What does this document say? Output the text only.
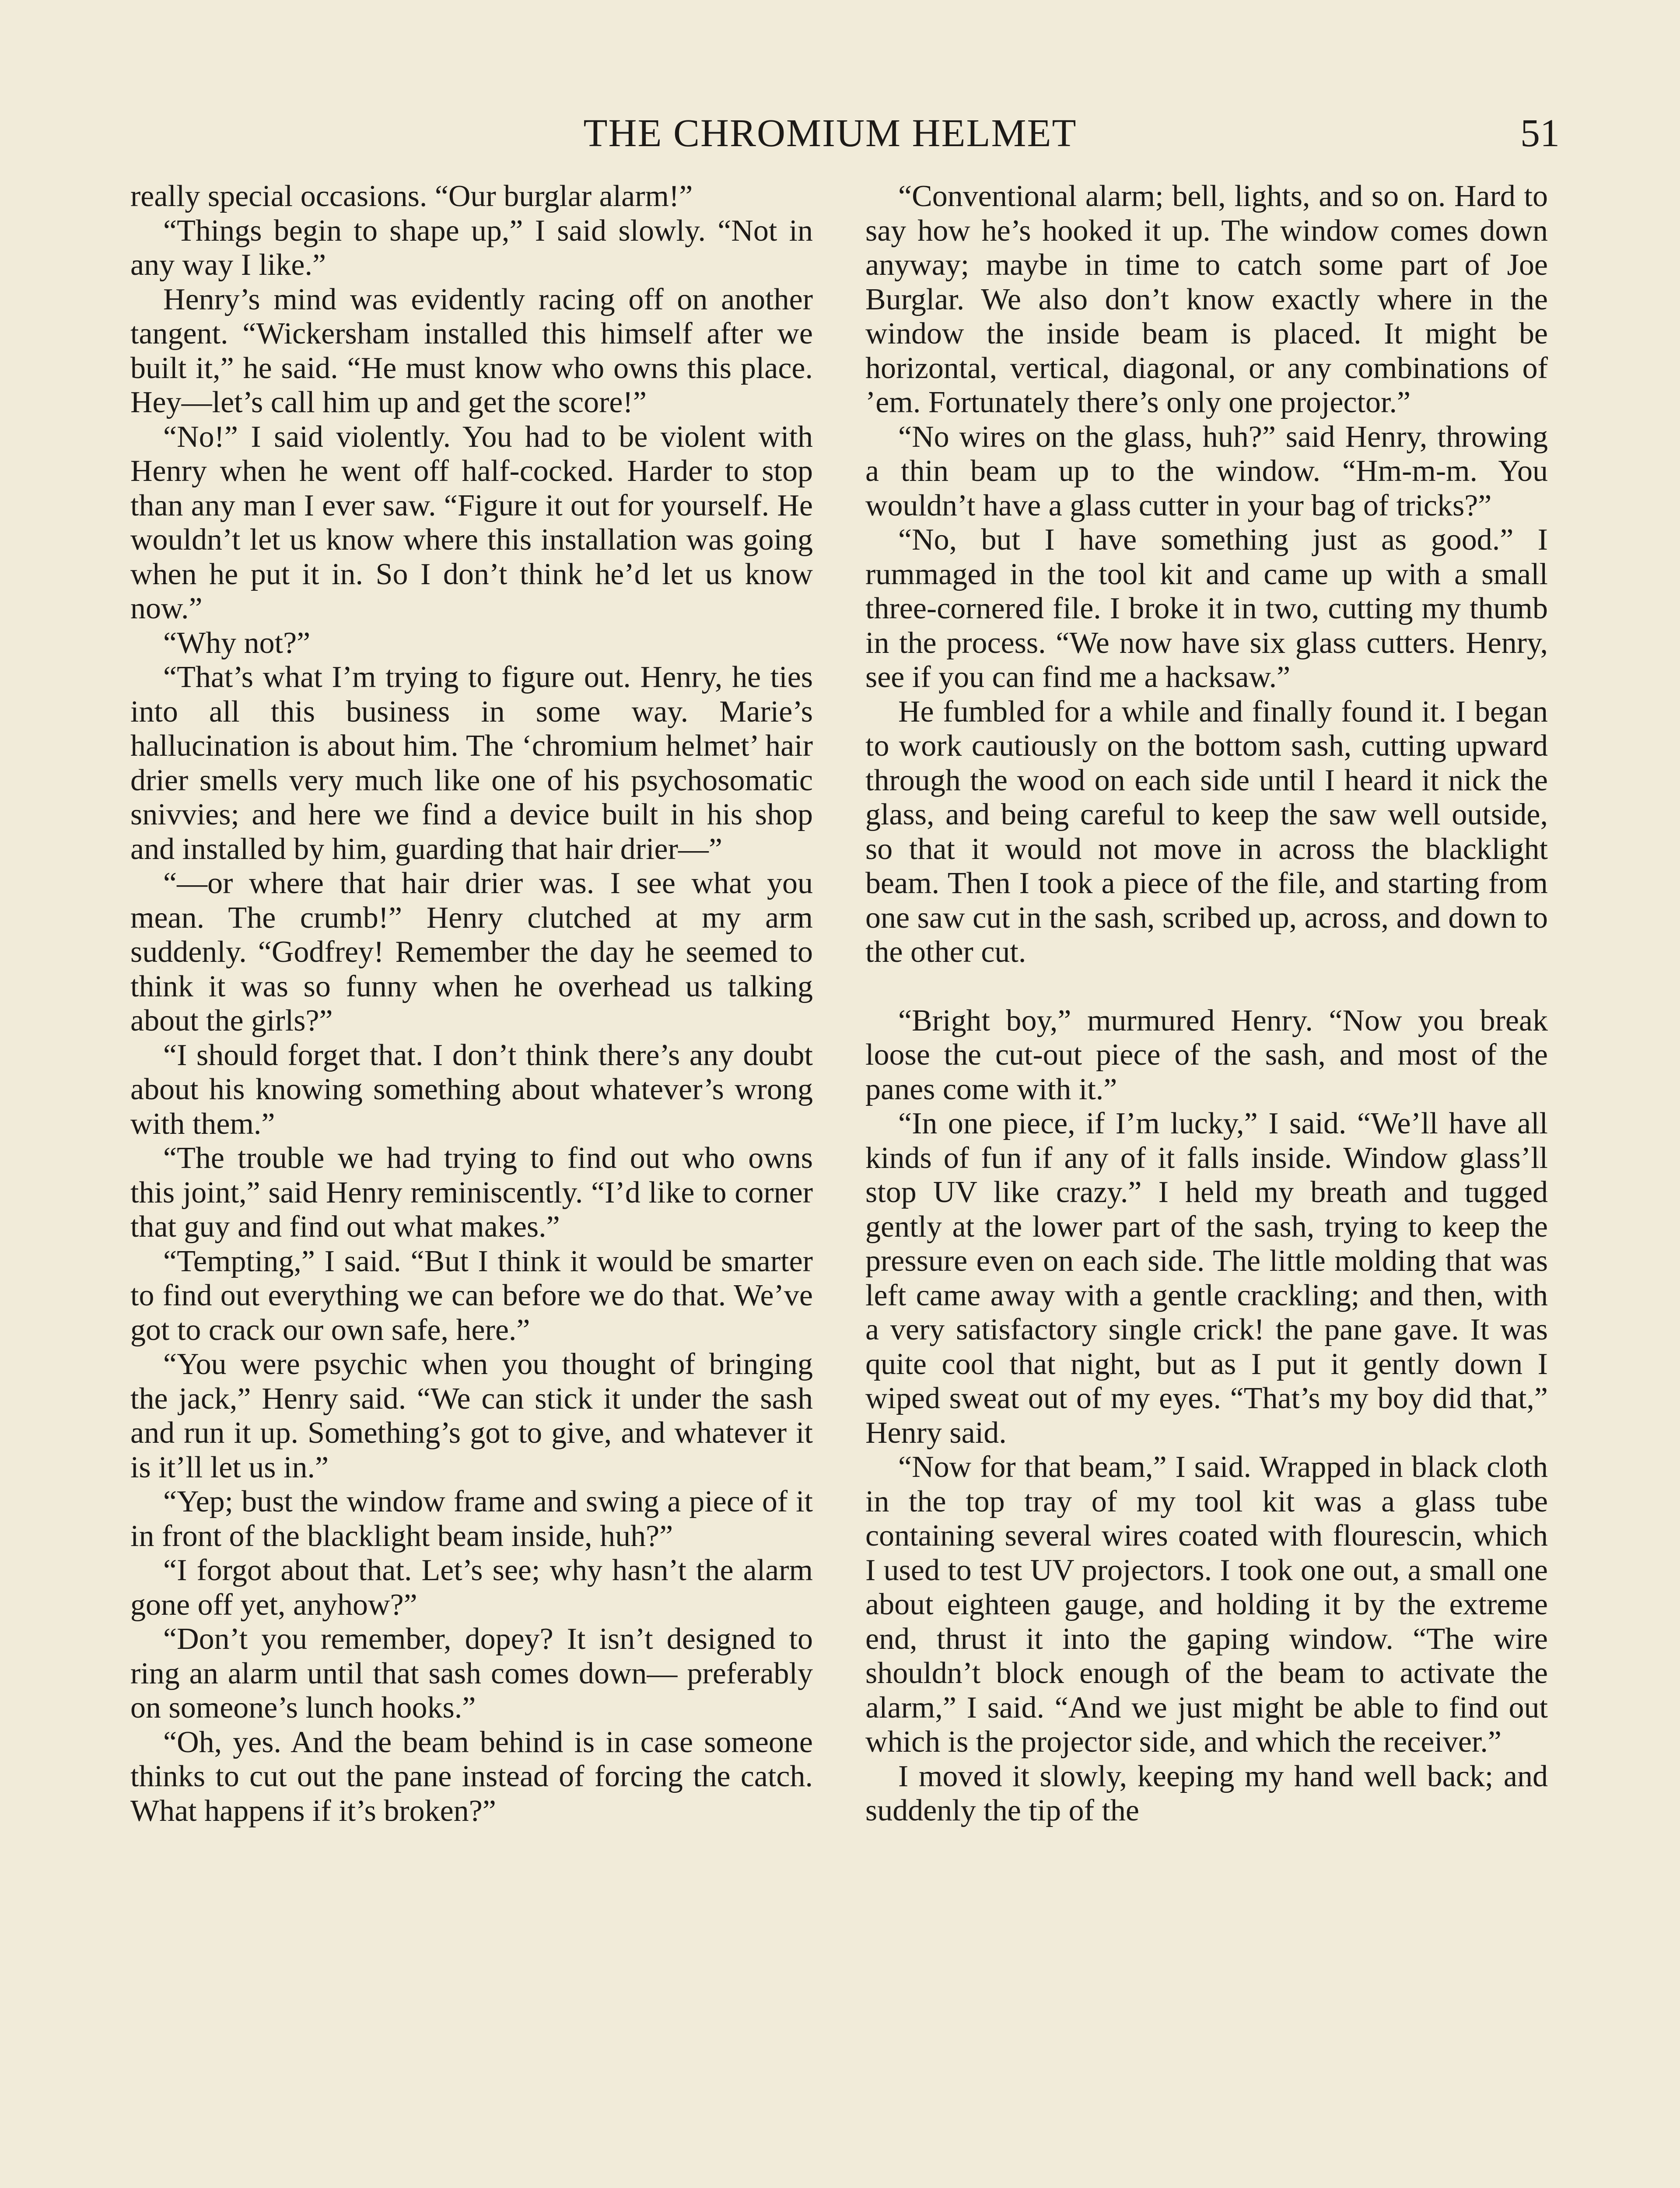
THE CHROMIUM HELMET	51

really special occasions. “Our burglar alarm!”

“Things begin to shape up,” I said slowly. “Not in any way I like.”

Henry’s mind was evidently racing off on another tangent. “Wickersham installed this himself after we built it,” he said. “He must know who owns this place. Hey—let’s call him up and get the score!”

“No!” I said violently. You had to be violent with Henry when he went off half-cocked. Harder to stop than any man I ever saw. “Figure it out for yourself. He wouldn’t let us know where this installation was going when he put it in. So I don’t think he’d let us know now.”

“Why not?”

“That’s what I’m trying to figure out. Henry, he ties into all this business in some way. Marie’s hallucination is about him. The ‘chromium helmet’ hair drier smells very much like one of his psychosomatic snivvies; and here we find a device built in his shop and installed by him, guarding that hair drier—”

“—or where that hair drier was. I see what you mean. The crumb!” Henry clutched at my arm suddenly. “Godfrey! Remember the day he seemed to think it was so funny when he overhead us talking about the girls?”

“I should forget that. I don’t think there’s any doubt about his knowing something about whatever’s wrong with them.”

“The trouble we had trying to find out who owns this joint,” said Henry reminiscently. “I’d like to corner that guy and find out what makes.”

“Tempting,” I said. “But I think it would be smarter to find out everything we can before we do that. We’ve got to crack our own safe, here.”

“You were psychic when you thought of bringing the jack,” Henry said. “We can stick it under the sash and run it up. Something’s got to give, and whatever it is it’ll let us in.”

“Yep; bust the window frame and swing a piece of it in front of the blacklight beam inside, huh?”

“I forgot about that. Let’s see; why hasn’t the alarm gone off yet, anyhow?”

“Don’t you remember, dopey? It isn’t designed to ring an alarm until that sash comes down— preferably on someone’s lunch hooks.”

“Oh, yes. And the beam behind is in case someone thinks to cut out the pane instead of forcing the catch. What happens if it’s broken?”

“Conventional alarm; bell, lights, and so on. Hard to say how he’s hooked it up. The window comes down anyway; maybe in time to catch some part of Joe Burglar. We also don’t know exactly where in the window the inside beam is placed. It might be horizontal, vertical, diagonal, or any combinations of ’em. Fortunately there’s only one projector.”

“No wires on the glass, huh?” said Henry, throwing a thin beam up to the window. “Hm-m-m. You wouldn’t have a glass cutter in your bag of tricks?”

“No, but I have something just as good.” I rummaged in the tool kit and came up with a small three-cornered file. I broke it in two, cutting my thumb in the process. “We now have six glass cutters. Henry, see if you can find me a hacksaw.”

He fumbled for a while and finally found it. I began to work cautiously on the bottom sash, cutting upward through the wood on each side until I heard it nick the glass, and being careful to keep the saw well outside, so that it would not move in across the blacklight beam. Then I took a piece of the file, and starting from one saw cut in the sash, scribed up, across, and down to the other cut.

“Bright boy,” murmured Henry. “Now you break loose the cut-out piece of the sash, and most of the panes come with it.”

“In one piece, if I’m lucky,” I said. “We’ll have all kinds of fun if any of it falls inside. Window glass’ll stop UV like crazy.” I held my breath and tugged gently at the lower part of the sash, trying to keep the pressure even on each side. The little molding that was left came away with a gentle crackling; and then, with a very satisfactory single crick! the pane gave. It was quite cool that night, but as I put it gently down I wiped sweat out of my eyes. “That’s my boy did that,” Henry said.

“Now for that beam,” I said. Wrapped in black cloth in the top tray of my tool kit was a glass tube containing several wires coated with flourescin, which I used to test UV projectors. I took one out, a small one about eighteen gauge, and holding it by the extreme end, thrust it into the gaping window. “The wire shouldn’t block enough of the beam to activate the alarm,” I said. “And we just might be able to find out which is the projector side, and which the receiver.”

I moved it slowly, keeping my hand well back; and suddenly the tip of the
